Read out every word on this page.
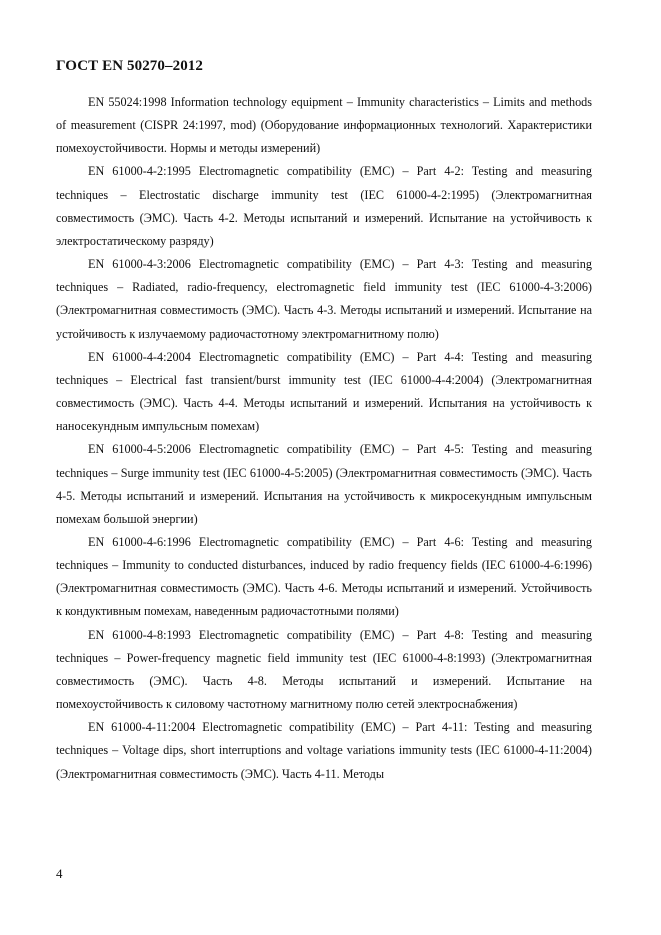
ГОСТ EN 50270–2012

EN 55024:1998 Information technology equipment – Immunity characteristics – Limits and methods of measurement (CISPR 24:1997, mod) (Оборудование информационных технологий. Характеристики помехоустойчивости. Нормы и методы измерений)

EN 61000-4-2:1995 Electromagnetic compatibility (EMC) – Part 4-2: Testing and measuring techniques – Electrostatic discharge immunity test (IEC 61000-4-2:1995) (Электромагнитная совместимость (ЭМС). Часть 4-2. Методы испытаний и измерений. Испытание на устойчивость к электростатическому разряду)

EN 61000-4-3:2006 Electromagnetic compatibility (EMC) – Part 4-3: Testing and measuring techniques – Radiated, radio-frequency, electromagnetic field immunity test (IEC 61000-4-3:2006) (Электромагнитная совместимость (ЭМС). Часть 4-3. Методы испытаний и измерений. Испытание на устойчивость к излучаемому радиочастотному электромагнитному полю)

EN 61000-4-4:2004 Electromagnetic compatibility (EMC) – Part 4-4: Testing and measuring techniques – Electrical fast transient/burst immunity test (IEC 61000-4-4:2004) (Электромагнитная совместимость (ЭМС). Часть 4-4. Методы испытаний и измерений. Испытания на устойчивость к наносекундным импульсным помехам)

EN 61000-4-5:2006 Electromagnetic compatibility (EMC) – Part 4-5: Testing and measuring techniques – Surge immunity test (IEC 61000-4-5:2005) (Электромагнитная совместимость (ЭМС). Часть 4-5. Методы испытаний и измерений. Испытания на устойчивость к микросекундным импульсным помехам большой энергии)

EN 61000-4-6:1996 Electromagnetic compatibility (EMC) – Part 4-6: Testing and measuring techniques – Immunity to conducted disturbances, induced by radio frequency fields (IEC 61000-4-6:1996) (Электромагнитная совместимость (ЭМС). Часть 4-6. Методы испытаний и измерений. Устойчивость к кондуктивным помехам, наведенным радиочастотными полями)

EN 61000-4-8:1993 Electromagnetic compatibility (EMC) – Part 4-8: Testing and measuring techniques – Power-frequency magnetic field immunity test (IEC 61000-4-8:1993) (Электромагнитная совместимость (ЭМС). Часть 4-8. Методы испытаний и измерений. Испытание на помехоустойчивость к силовому частотному магнитному полю сетей электроснабжения)

EN 61000-4-11:2004 Electromagnetic compatibility (EMC) – Part 4-11: Testing and measuring techniques – Voltage dips, short interruptions and voltage variations immunity tests (IEC 61000-4-11:2004) (Электромагнитная совместимость (ЭМС). Часть 4-11. Методы

4
